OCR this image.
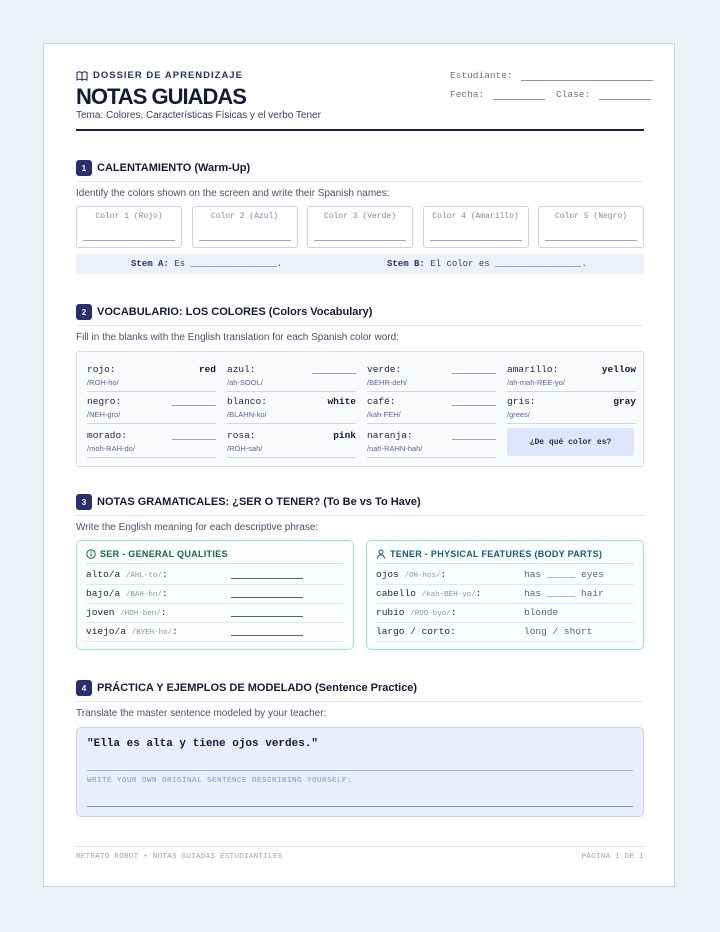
DOSSIER DE APRENDIZAJE
NOTAS GUIADAS
Tema: Colores, Características Físicas y el verbo Tener
Estudiante:
Fecha:	Clase:
1 CALENTAMIENTO (Warm-Up)
Identify the colors shown on the screen and write their Spanish names:
Color 1 (Rojo)	Color 2 (Azul)	Color 3 (Verde)	Color 4 (Amarillo)	Color 5 (Negro)
Stem A: Es ________________.	Stem B: El color es ________________.
2 VOCABULARIO: LOS COLORES (Colors Vocabulary)
Fill in the blanks with the English translation for each Spanish color word:
¿De qué color es?
rojo:	red
/ROH-ho/
azul:
/ah-SOOL/
verde:
/BEHR-deh/
amarillo:	yellow
/ah-mah-REE-yo/
negro:
/NEH-gro/
blanco:	white
/BLAHN-ko/
café:
/kah-FEH/
gris:	gray
/grees/
morado:
/moh-RAH-do/
rosa:	pink
/ROH-sah/
naranja:
/nah-RAHN-hah/
3 NOTAS GRAMATICALES: ¿SER O TENER? (To Be vs To Have)
Write the English meaning for each descriptive phrase:
SER - GENERAL QUALITIES
alto/a /AHL-to/:
bajo/a /BAH-ho/:
joven /HOH-ben/:
viejo/a /BYEH-ho/:
TENER - PHYSICAL FEATURES (BODY PARTS)
ojos /OH-hos/:	has _____ eyes
cabello /kah-BEH-yo/:	has _____ hair
rubio /ROO-byo/:	blonde
largo / corto:	long / short
4 PRÁCTICA Y EJEMPLOS DE MODELADO (Sentence Practice)
Translate the master sentence modeled by your teacher:
"Ella es alta y tiene ojos verdes."
WRITE YOUR OWN ORIGINAL SENTENCE DESCRIBING YOURSELF:
RETRATO ROBOT • NOTAS GUIADAS ESTUDIANTILES	PÁGINA 1 DE 1
